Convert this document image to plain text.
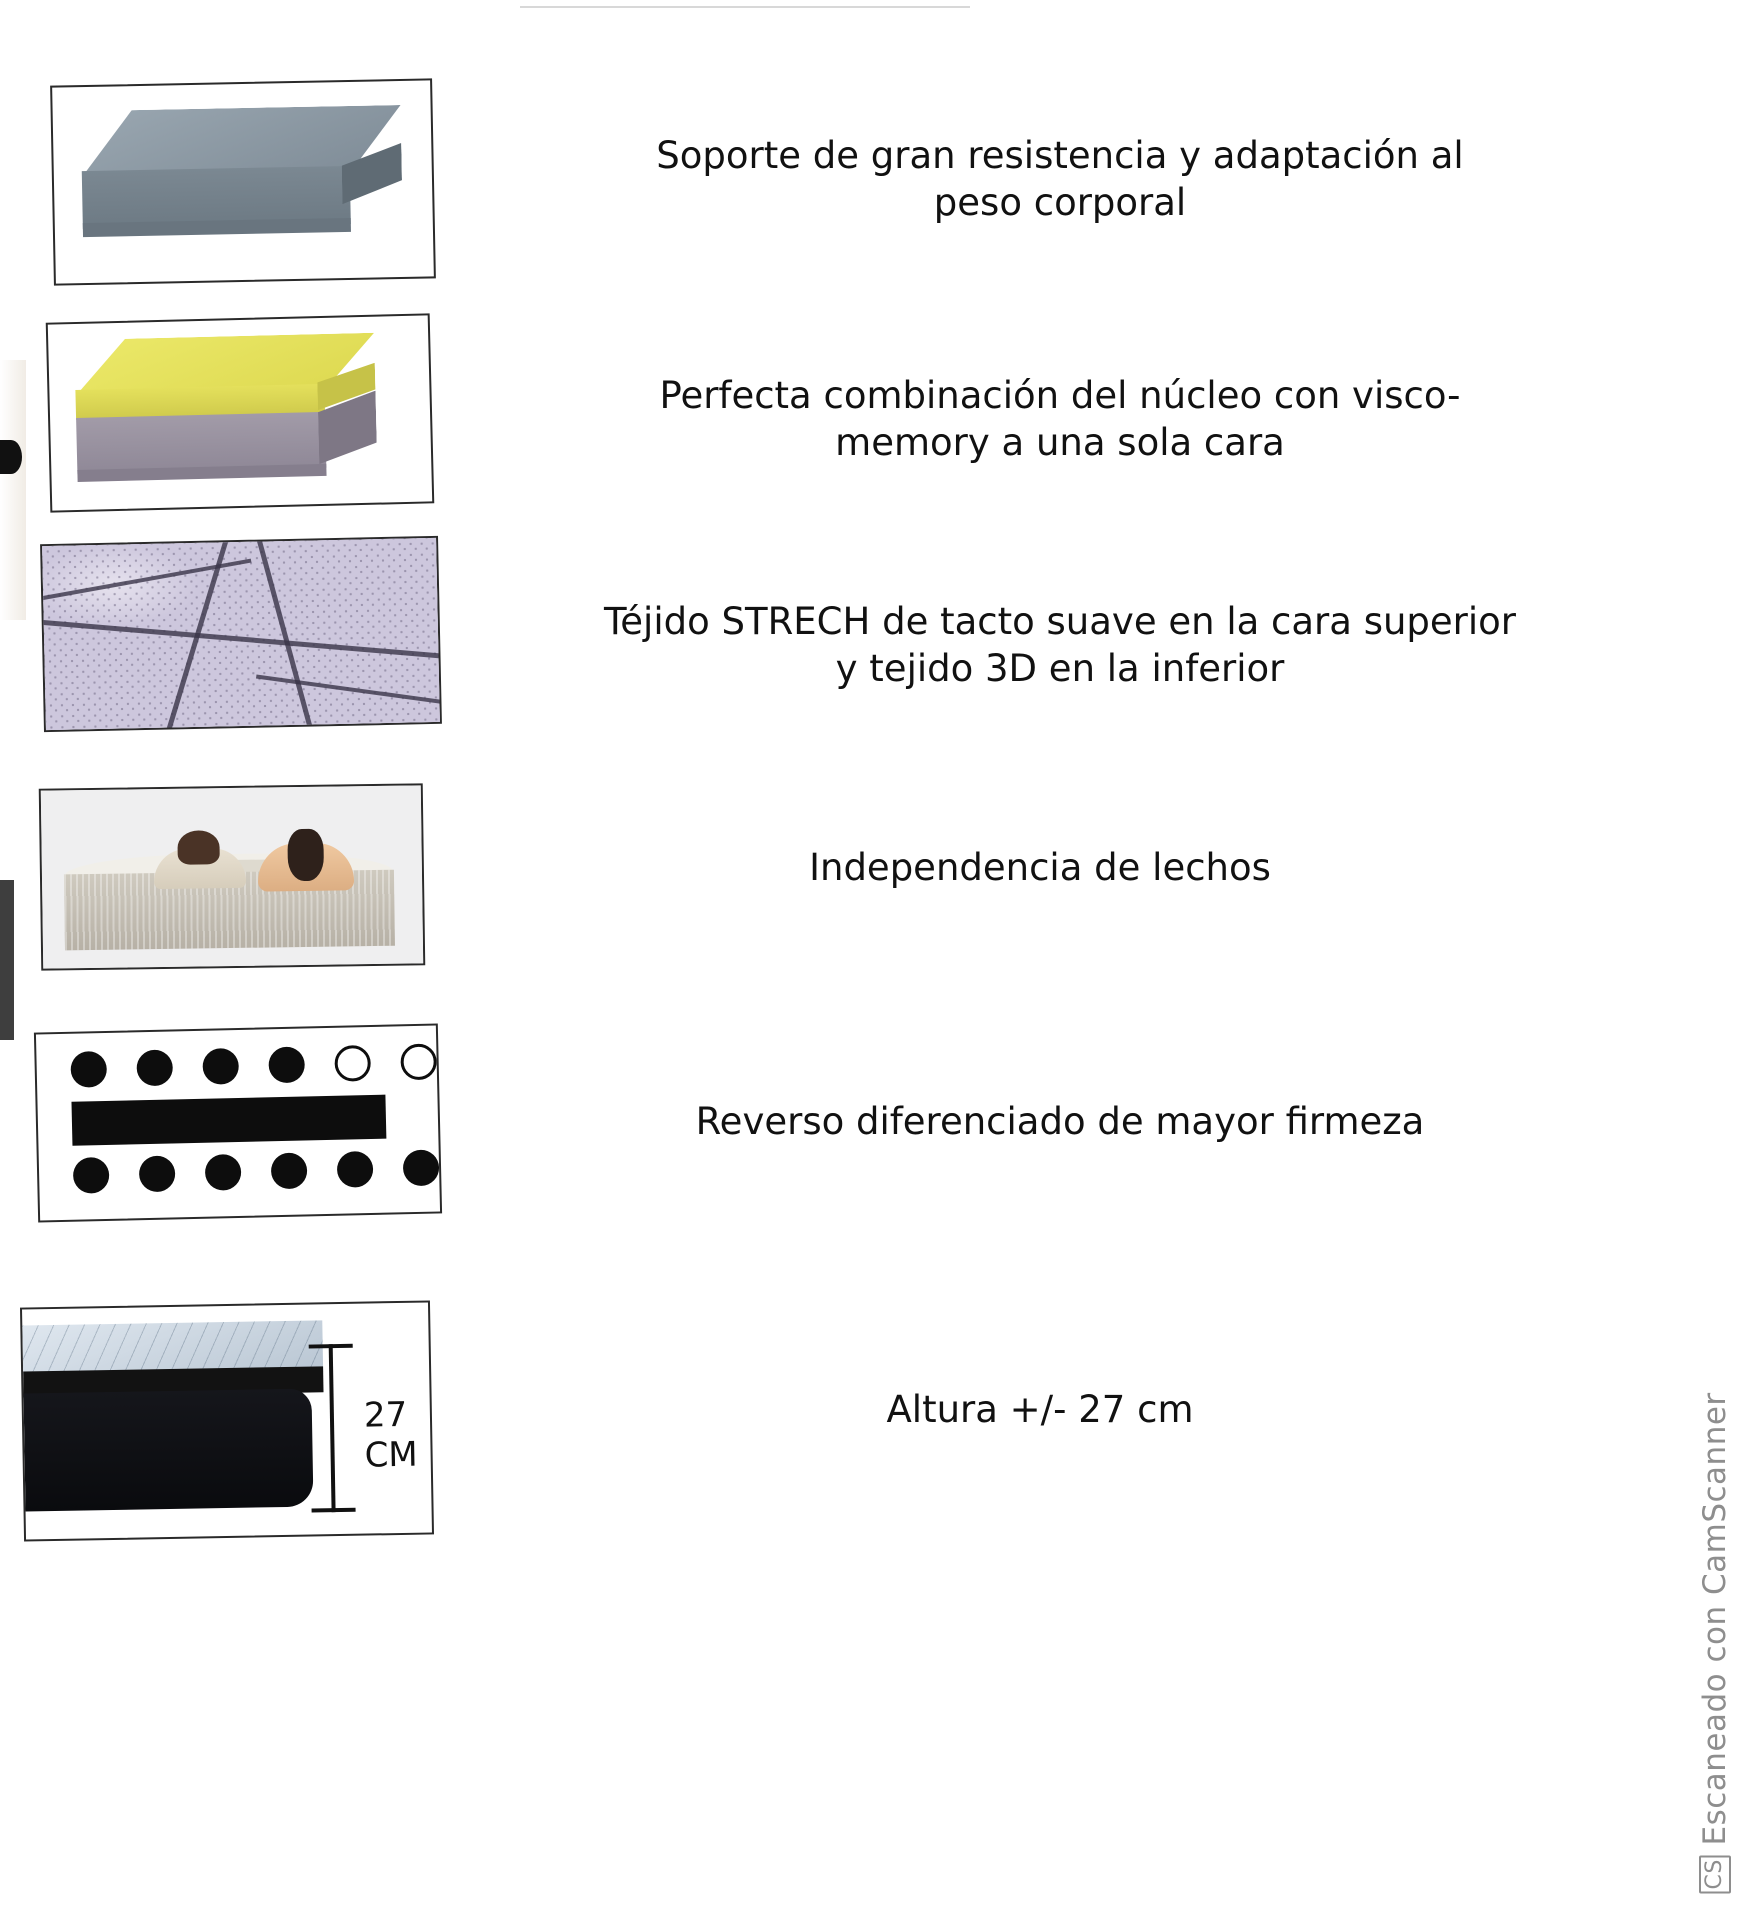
Soporte de gran resistencia y adaptación al peso corporal
Perfecta combinación del núcleo con visco-memory a una sola cara
Téjido STRECH de tacto suave en la cara superior y tejido 3D en la inferior
Independencia de lechos
Reverso diferenciado de mayor firmeza
27
CM
Altura +/- 27 cm
CS
Escaneado con CamScanner
